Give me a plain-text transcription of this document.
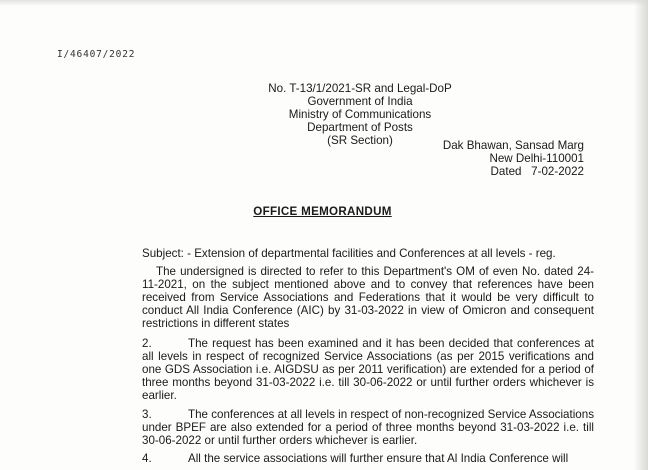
I/46407/2022
No. T-13/1/2021-SR and Legal-DoP
Government of India
Ministry of Communications
Department of Posts
(SR Section)	Dak Bhawan, Sansad Marg
New Delhi-110001
Dated   7-02-2022
OFFICE MEMORANDUM
Subject: - Extension of departmental facilities and Conferences at all levels - reg.
The undersigned is directed to refer to this Department's OM of even No. dated 24-11-2021, on the subject mentioned above and to convey that references have been received from Service Associations and Federations that it would be very difficult to conduct All India Conference (AIC) by 31-03-2022 in view of Omicron and consequent restrictions in different states
2.	The request has been examined and it has been decided that conferences at all levels in respect of recognized Service Associations (as per 2015 verifications and one GDS Association i.e. AIGDSU as per 2011 verification) are extended for a period of three months beyond 31-03-2022 i.e. till 30-06-2022 or until further orders whichever is earlier.
3.	The conferences at all levels in respect of non-recognized Service Associations under BPEF are also extended for a period of three months beyond 31-03-2022 i.e. till 30-06-2022 or until further orders whichever is earlier.
4.	All the service associations will further ensure that Al India Conference will
